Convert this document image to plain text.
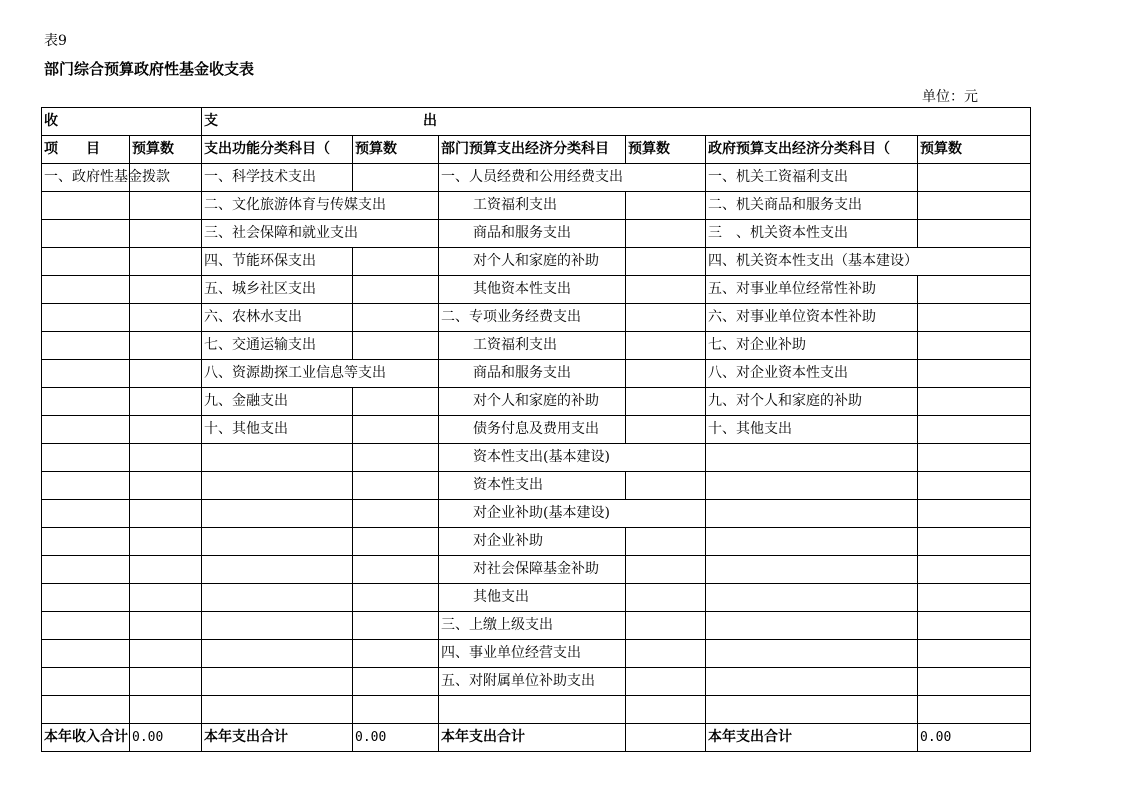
表9
部门综合预算政府性基金收支表
单位：元
收		支 出					
项　　目	预算数	支出功能分类科目（	预算数	部门预算支出经济分类科目	预算数	政府预算支出经济分类科目（	预算数
一、政府性基金拨款		一、科学技术支出		一、人员经费和公用经费支出		一、机关工资福利支出	
		二、文化旅游体育与传媒支出		工资福利支出		二、机关商品和服务支出	
		三、社会保障和就业支出		商品和服务支出		三　、机关资本性支出	
		四、节能环保支出		对个人和家庭的补助		四、机关资本性支出（基本建设）	
		五、城乡社区支出		其他资本性支出		五、对事业单位经常性补助	
		六、农林水支出		二、专项业务经费支出		六、对事业单位资本性补助	
		七、交通运输支出		工资福利支出		七、对企业补助	
		八、资源勘探工业信息等支出		商品和服务支出		八、对企业资本性支出	
		九、金融支出		对个人和家庭的补助		九、对个人和家庭的补助	
		十、其他支出		债务付息及费用支出		十、其他支出	
				资本性支出(基本建设)			
				资本性支出			
				对企业补助(基本建设)			
				对企业补助			
				对社会保障基金补助			
				其他支出			
				三、上缴上级支出			
				四、事业单位经营支出			
				五、对附属单位补助支出			

本年收入合计	0.00	本年支出合计	0.00	本年支出合计		本年支出合计	0.00
